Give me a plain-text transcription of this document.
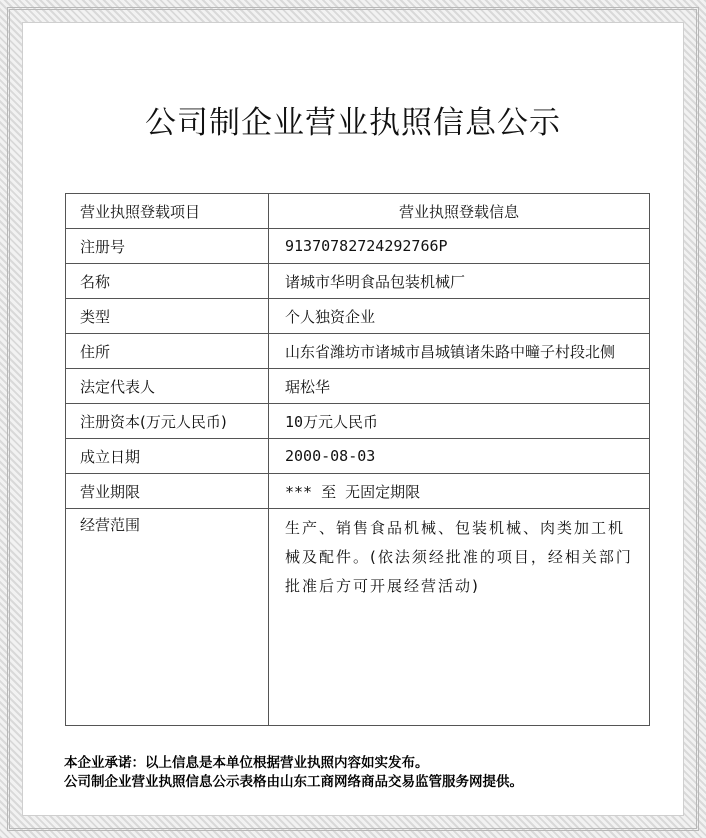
公司制企业营业执照信息公示
营业执照登载项目	营业执照登载信息
注册号	91370782724292766P
名称	诸城市华明食品包装机械厂
类型	个人独资企业
住所	山东省潍坊市诸城市昌城镇诸朱路中疃子村段北侧
法定代表人	琚松华
注册资本(万元人民币)	10万元人民币
成立日期	2000-08-03
营业期限	*** 至 无固定期限
经营范围	生产、销售食品机械、包装机械、肉类加工机械及配件。(依法须经批准的项目，经相关部门批准后方可开展经营活动)
本企业承诺：以上信息是本单位根据营业执照内容如实发布。
公司制企业营业执照信息公示表格由山东工商网络商品交易监管服务网提供。
